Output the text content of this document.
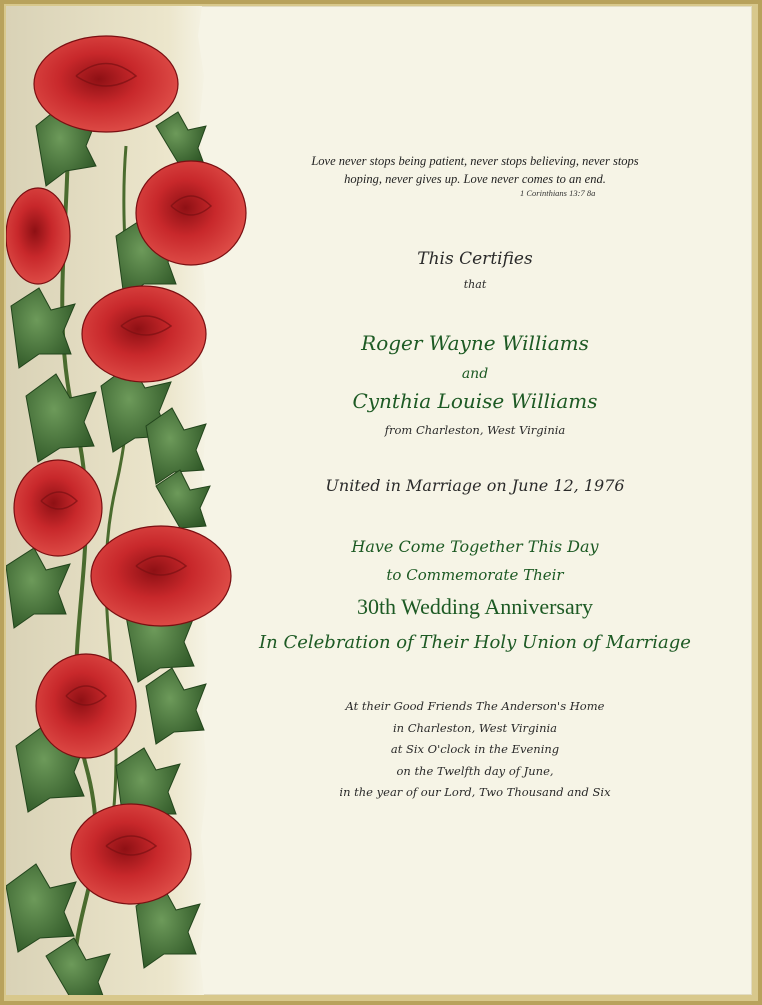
Love never stops being patient, never stops believing, never stops
hoping, never gives up. Love never comes to an end.
1 Corinthians 13:7 8a
This Certifies
that
Roger Wayne Williams
and
Cynthia Louise Williams
from Charleston, West Virginia
United in Marriage on June 12, 1976
Have Come Together This Day
to Commemorate Their
30th Wedding Anniversary
In Celebration of Their Holy Union of Marriage
At their Good Friends The Anderson's Home
in Charleston, West Virginia
at Six O'clock in the Evening
on the Twelfth day of June,
in the year of our Lord, Two Thousand and Six
